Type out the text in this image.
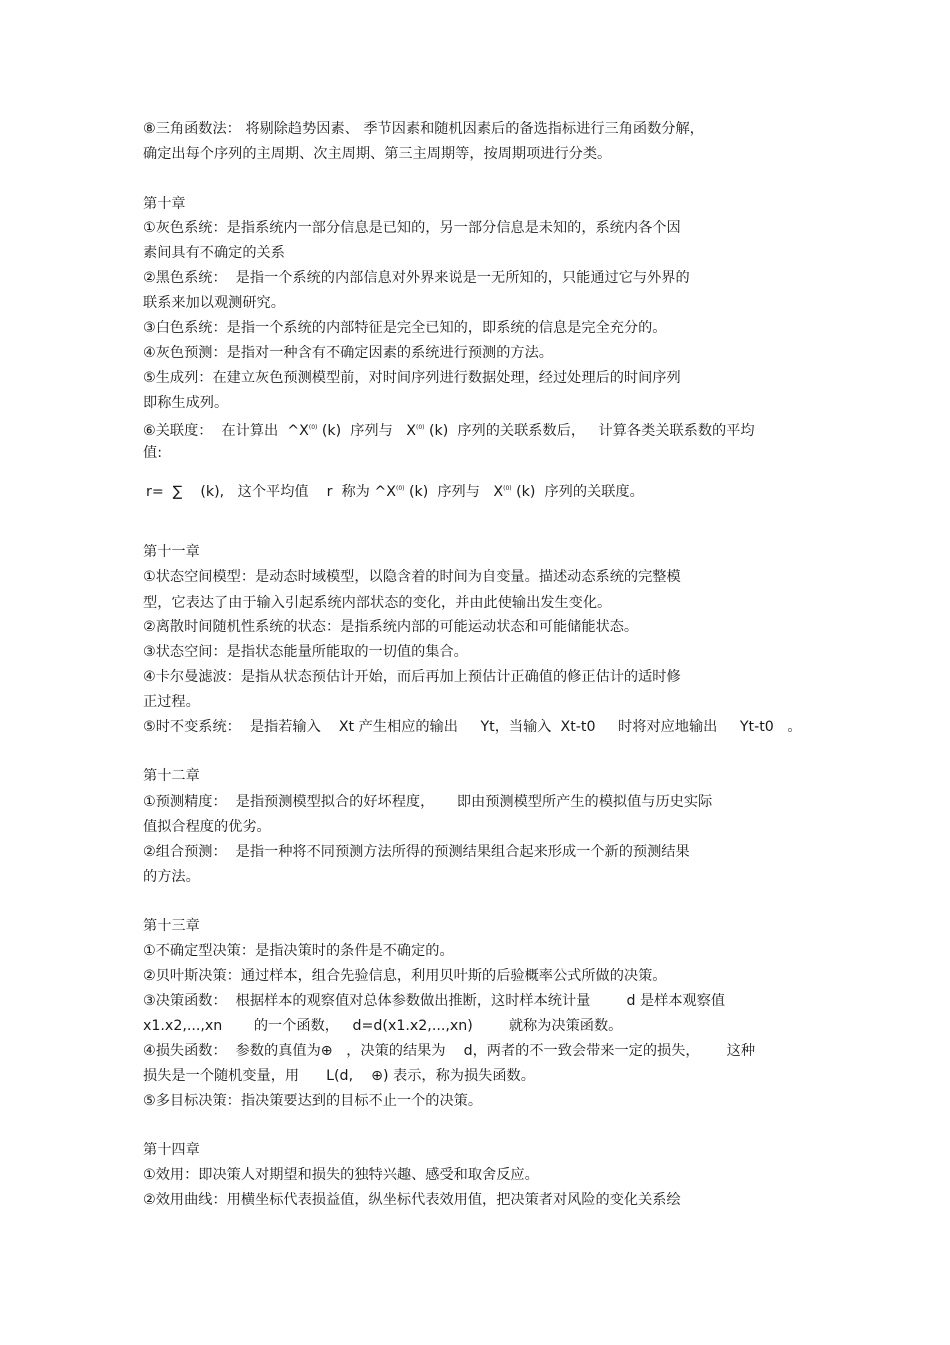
⑧三角函数法： 将剔除趋势因素、 季节因素和随机因素后的备选指标进行三角函数分解，
确定出每个序列的主周期、次主周期、第三主周期等，按周期项进行分类。
第十章
①灰色系统：是指系统内一部分信息是已知的，另一部分信息是未知的，系统内各个因
素间具有不确定的关系
②黑色系统：  是指一个系统的内部信息对外界来说是一无所知的，只能通过它与外界的
联系来加以观测研究。
③白色系统：是指一个系统的内部特征是完全已知的，即系统的信息是完全充分的。
④灰色预测：是指对一种含有不确定因素的系统进行预测的方法。
⑤生成列：在建立灰色预测模型前，对时间序列进行数据处理，经过处理后的时间序列
即称生成列。
⑥关联度：  在计算出  $\^{}X^{(0)}$ (k)  序列与   $X^{(0)}$ (k)  序列的关联系数后，   计算各类关联系数的平均
值:
r=  ∑    (k),   这个平均值    r  称为 $\^{}X^{(0)}$ (k)  序列与   $X^{(0)}$ (k)  序列的关联度。
第十一章
①状态空间模型：是动态时域模型，以隐含着的时间为自变量。描述动态系统的完整模
型，它表达了由于输入引起系统内部状态的变化，并由此使输出发生变化。
②离散时间随机性系统的状态：是指系统内部的可能运动状态和可能储能状态。
③状态空间：是指状态能量所能取的一切值的集合。
④卡尔曼滤波：是指从状态预估计开始，而后再加上预估计正确值的修正估计的适时修
正过程。
⑤时不变系统：  是指若输入    Xt 产生相应的输出     Yt，当输入  Xt-t0     时将对应地输出     Yt-t0   。
第十二章
①预测精度：  是指预测模型拟合的好坏程度，     即由预测模型所产生的模拟值与历史实际
值拟合程度的优劣。
②组合预测：  是指一种将不同预测方法所得的预测结果组合起来形成一个新的预测结果
的方法。
第十三章
①不确定型决策：是指决策时的条件是不确定的。
②贝叶斯决策：通过样本，组合先验信息，利用贝叶斯的后验概率公式所做的决策。
③决策函数：  根据样本的观察值对总体参数做出推断，这时样本统计量        d 是样本观察值
x1.x2,...,xn       的一个函数，   d=d(x1.x2,...,xn)        就称为决策函数。
④损失函数：  参数的真值为⊕   ，决策的结果为    d，两者的不一致会带来一定的损失，      这种
损失是一个随机变量，用      L(d,    ⊕) 表示，称为损失函数。
⑤多目标决策：指决策要达到的目标不止一个的决策。
第十四章
①效用：即决策人对期望和损失的独特兴趣、感受和取舍反应。
②效用曲线：用横坐标代表损益值，纵坐标代表效用值，把决策者对风险的变化关系绘
